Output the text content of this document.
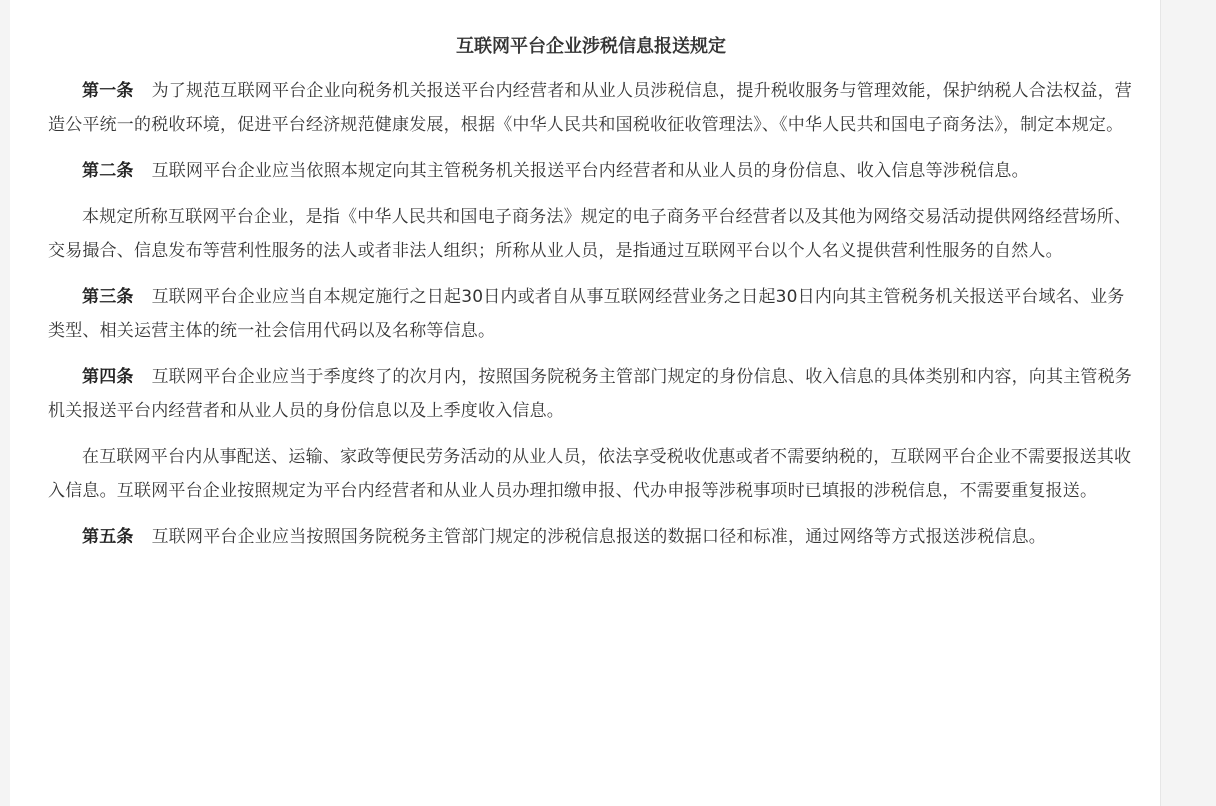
互联网平台企业涉税信息报送规定

第一条 为了规范互联网平台企业向税务机关报送平台内经营者和从业人员涉税信息，提升税收服务与管理效能，保护纳税人合法权益，营造公平统一的税收环境，促进平台经济规范健康发展，根据《中华人民共和国税收征收管理法》、《中华人民共和国电子商务法》，制定本规定。

第二条 互联网平台企业应当依照本规定向其主管税务机关报送平台内经营者和从业人员的身份信息、收入信息等涉税信息。

本规定所称互联网平台企业，是指《中华人民共和国电子商务法》规定的电子商务平台经营者以及其他为网络交易活动提供网络经营场所、交易撮合、信息发布等营利性服务的法人或者非法人组织；所称从业人员，是指通过互联网平台以个人名义提供营利性服务的自然人。

第三条 互联网平台企业应当自本规定施行之日起30日内或者自从事互联网经营业务之日起30日内向其主管税务机关报送平台域名、业务类型、相关运营主体的统一社会信用代码以及名称等信息。

第四条 互联网平台企业应当于季度终了的次月内，按照国务院税务主管部门规定的身份信息、收入信息的具体类别和内容，向其主管税务机关报送平台内经营者和从业人员的身份信息以及上季度收入信息。

在互联网平台内从事配送、运输、家政等便民劳务活动的从业人员，依法享受税收优惠或者不需要纳税的，互联网平台企业不需要报送其收入信息。互联网平台企业按照规定为平台内经营者和从业人员办理扣缴申报、代办申报等涉税事项时已填报的涉税信息，不需要重复报送。

第五条 互联网平台企业应当按照国务院税务主管部门规定的涉税信息报送的数据口径和标准，通过网络等方式报送涉税信息。
